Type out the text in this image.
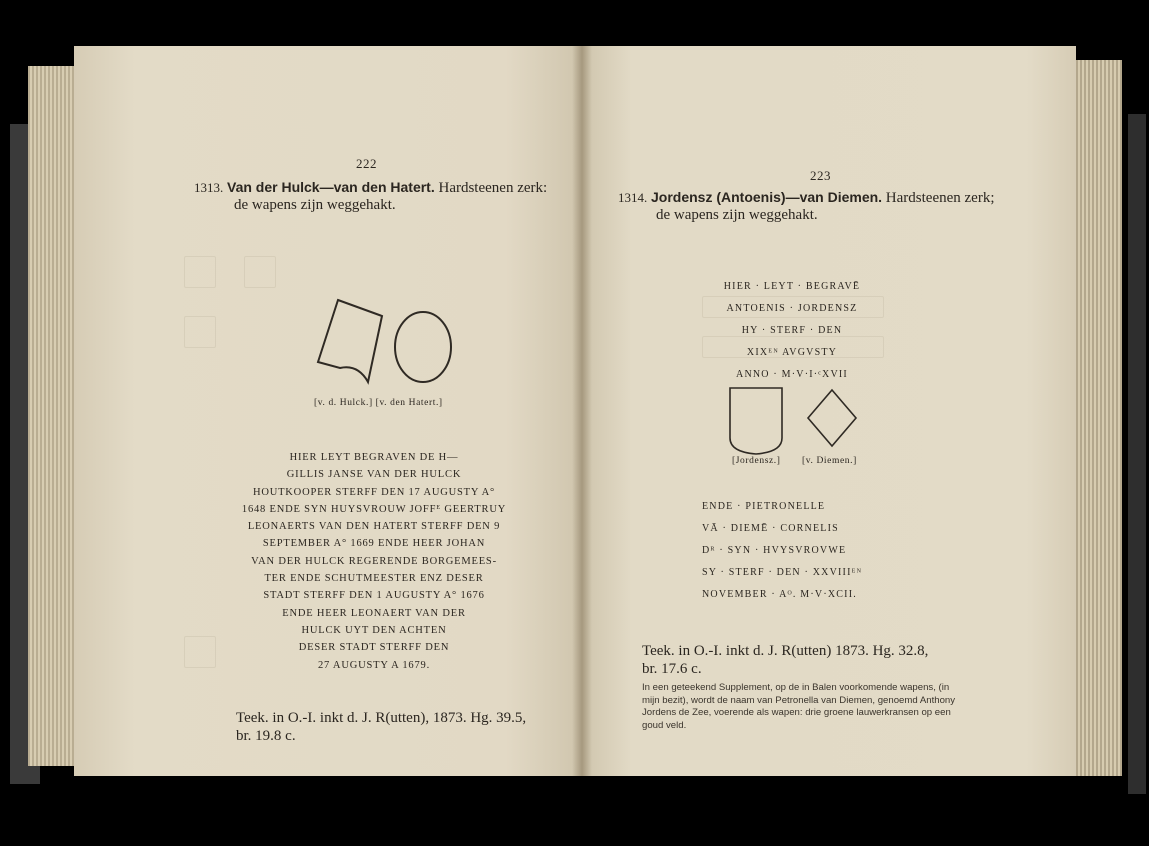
222
1313. Van der Hulck—van den Hatert. Hardsteenen zerk:
de wapens zijn weggehakt.
[v. d. Hulck.] [v. den Hatert.]
HIER LEYT BEGRAVEN DE H—
GILLIS JANSE VAN DER HULCK
HOUTKOOPER STERFF DEN 17 AUGUSTY A°
1648 ENDE SYN HUYSVROUW JOFFᴱ GEERTRUY
LEONAERTS VAN DEN HATERT STERFF DEN 9
SEPTEMBER A° 1669 ENDE HEER JOHAN
VAN DER HULCK REGERENDE BORGEMEES-
TER ENDE SCHUTMEESTER ENZ DESER
STADT STERFF DEN 1 AUGUSTY A° 1676
ENDE HEER LEONAERT VAN DER
HULCK UYT DEN ACHTEN
DESER STADT STERFF DEN
27 AUGUSTY A 1679.
Teek. in O.-I. inkt d. J. R(utten), 1873. Hg. 39.5,
br. 19.8 c.
223
1314. Jordensz (Antoenis)—van Diemen. Hardsteenen zerk;
de wapens zijn weggehakt.
HIER · LEYT · BEGRAVĒ
ANTOENIS · JORDENSZ
HY · STERF · DEN
XIXᴱᴺ AVGVSTY
ANNO · M·V·I·ᶜXVII
[Jordensz.] [v. Diemen.]
ENDE · PIETRONELLE
VĀ · DIEMĒ · CORNELIS
Dᴿ · SYN · HVYSVROVWE
SY · STERF · DEN · XXVIIIᴱᴺ
NOVEMBER · Aᴼ. M·V·XCII.
Teek. in O.-I. inkt d. J. R(utten) 1873. Hg. 32.8,
br. 17.6 c.
In een geteekend Supplement, op de in Balen voorkomende wapens, (in
mijn bezit), wordt de naam van Petronella van Diemen, genoemd Anthony
Jordens de Zee, voerende als wapen: drie groene lauwerkransen op een
goud veld.
